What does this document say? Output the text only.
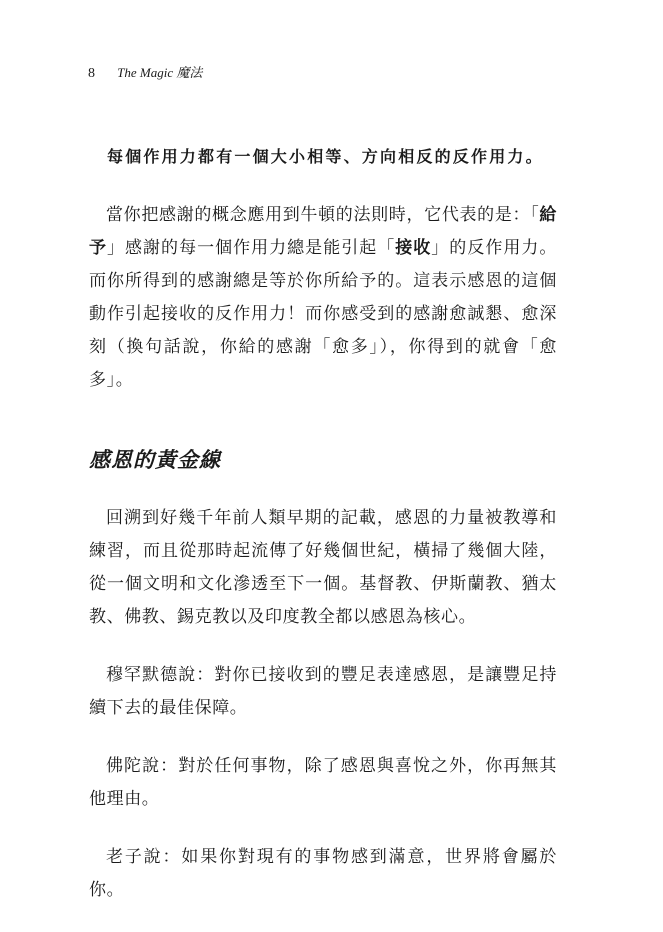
8 The Magic 魔法

每個作用力都有一個大小相等、方向相反的反作用力。

當你把感謝的概念應用到牛頓的法則時，它代表的是：「給予」感謝的每一個作用力總是能引起「接收」的反作用力。而你所得到的感謝總是等於你所給予的。這表示感恩的這個動作引起接收的反作用力！而你感受到的感謝愈誠懇、愈深刻（換句話說，你給的感謝「愈多」），你得到的就會「愈多」。

感恩的黃金線

回溯到好幾千年前人類早期的記載，感恩的力量被教導和練習，而且從那時起流傳了好幾個世紀，橫掃了幾個大陸，從一個文明和文化滲透至下一個。基督教、伊斯蘭教、猶太教、佛教、錫克教以及印度教全都以感恩為核心。

穆罕默德說：對你已接收到的豐足表達感恩，是讓豐足持續下去的最佳保障。

佛陀說：對於任何事物，除了感恩與喜悅之外，你再無其他理由。

老子說：如果你對現有的事物感到滿意，世界將會屬於你。
